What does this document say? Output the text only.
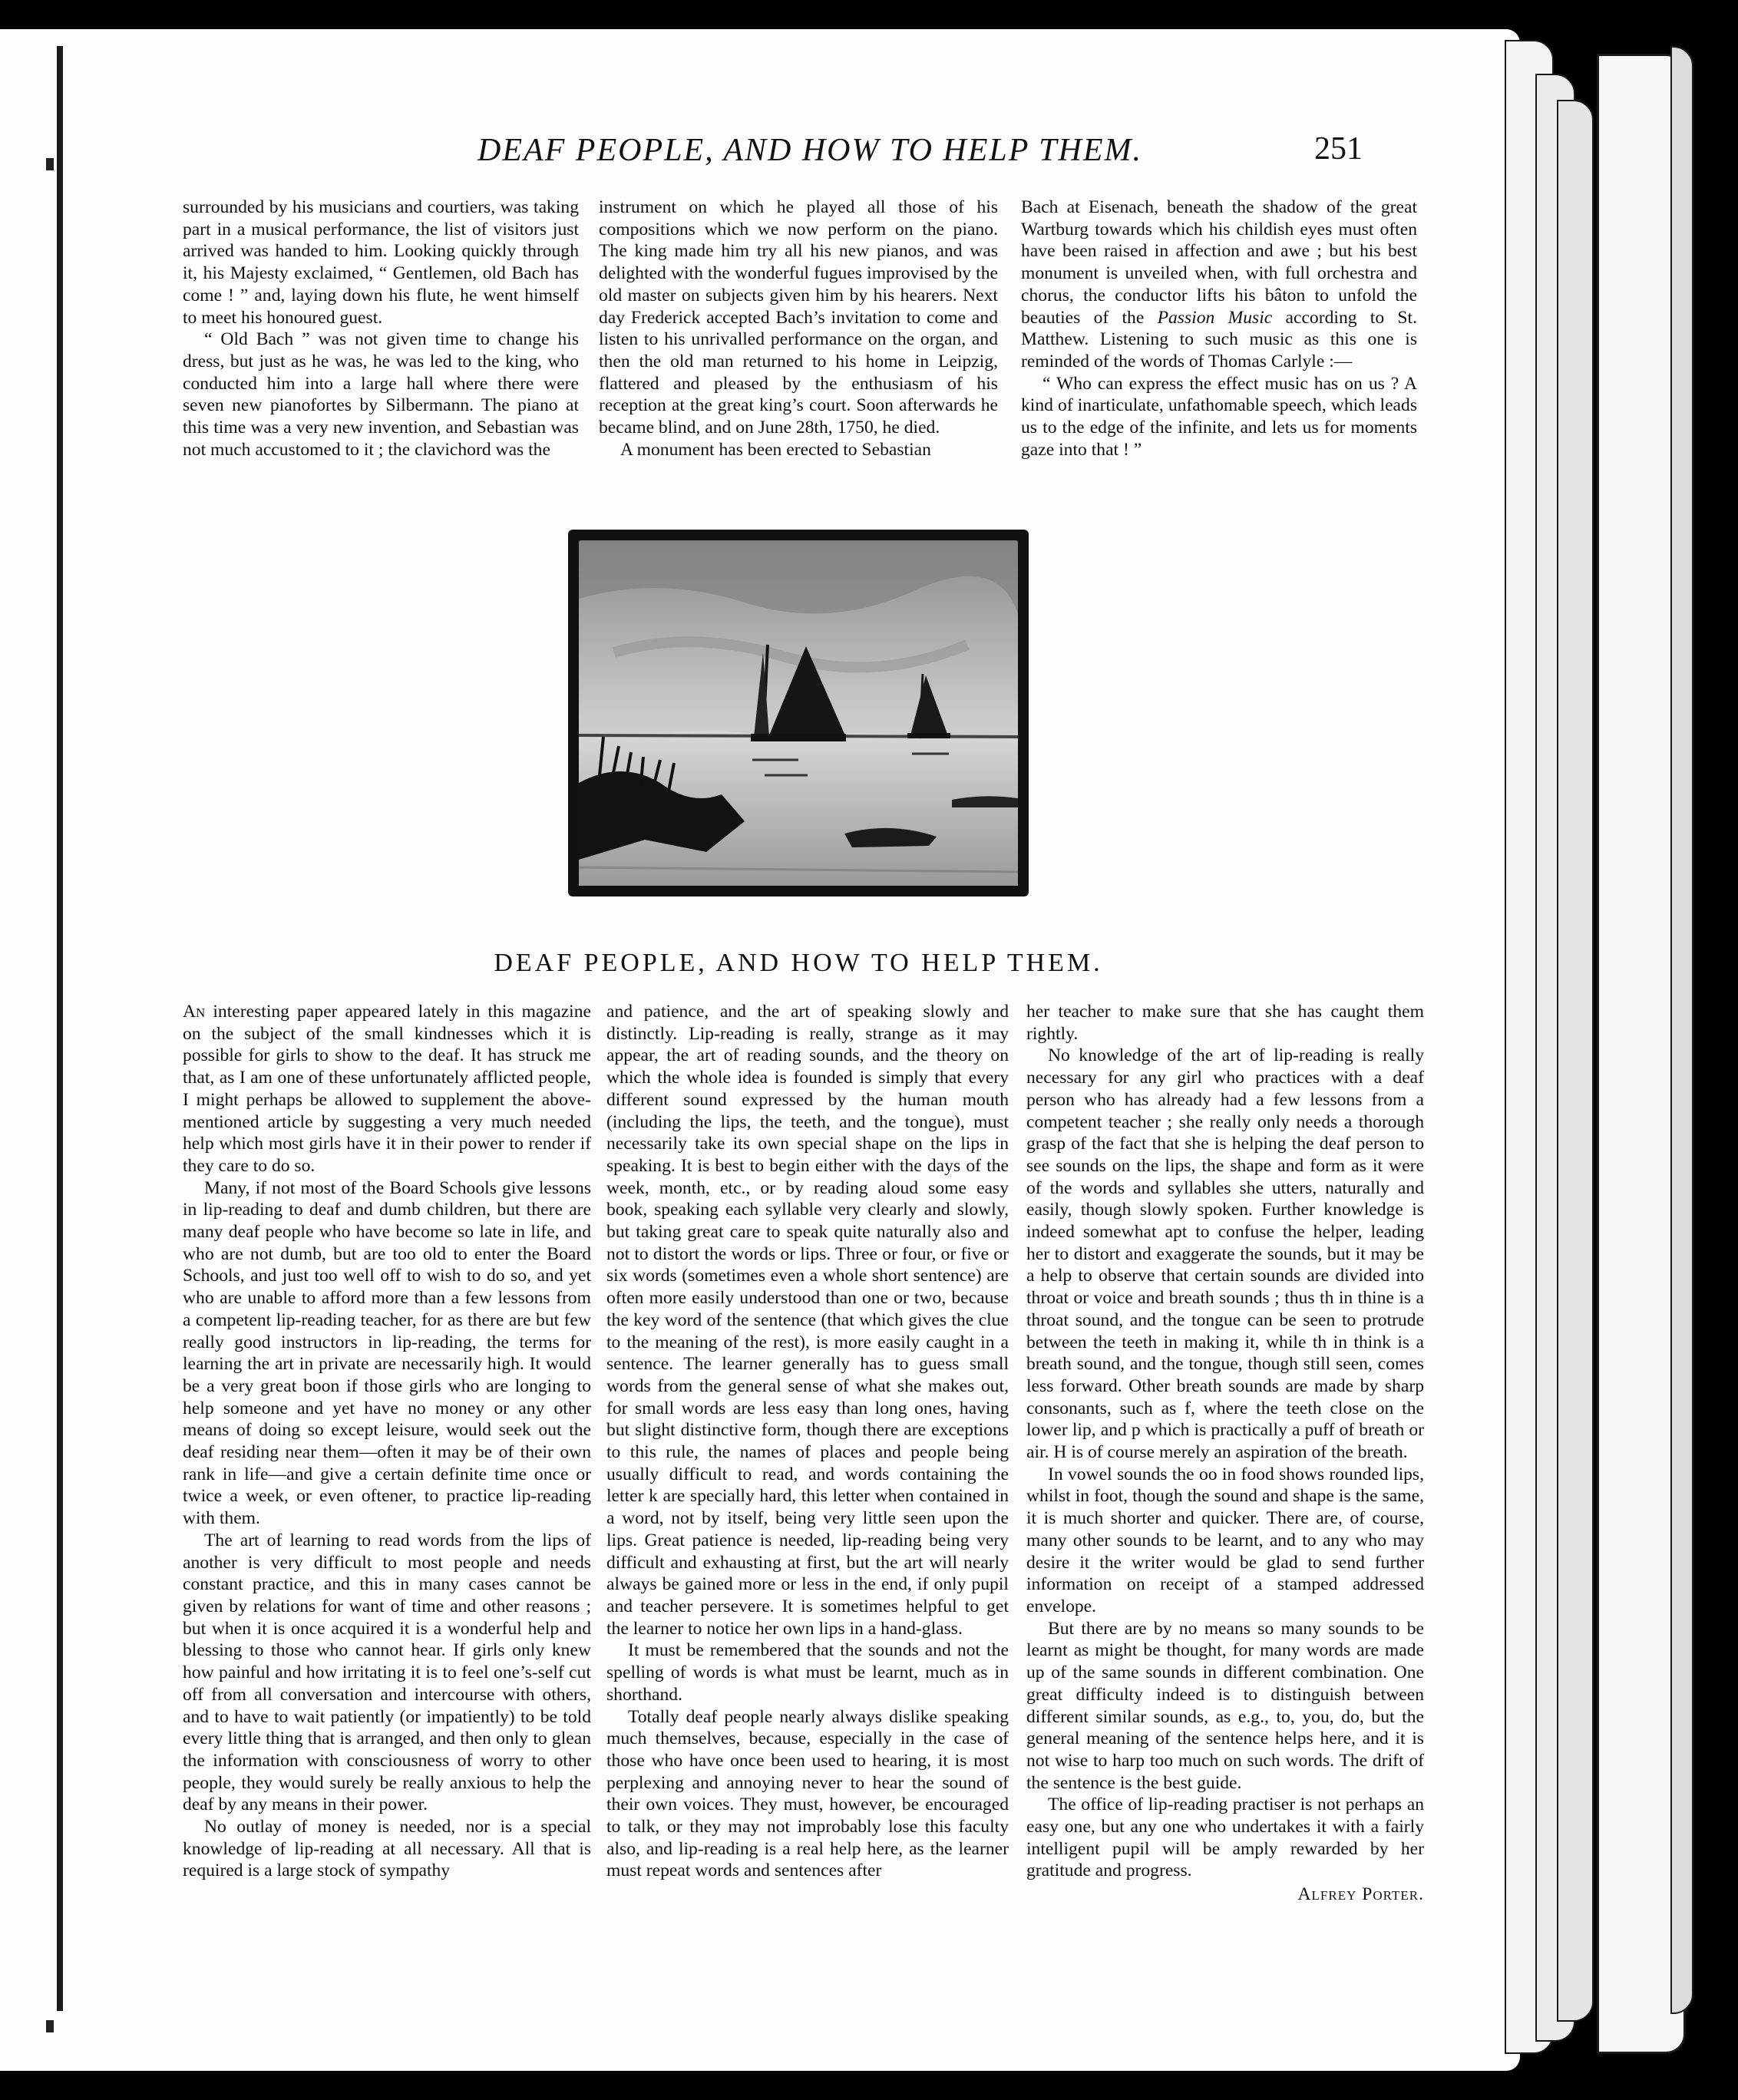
DEAF PEOPLE, AND HOW TO HELP THEM.	251

surrounded by his musicians and courtiers, was taking part in a musical performance, the list of visitors just arrived was handed to him. Looking quickly through it, his Majesty exclaimed, “ Gentlemen, old Bach has come ! ” and, laying down his flute, he went himself to meet his honoured guest.

“ Old Bach ” was not given time to change his dress, but just as he was, he was led to the king, who conducted him into a large hall where there were seven new pianofortes by Silbermann. The piano at this time was a very new invention, and Sebastian was not much accustomed to it ; the clavichord was the

instrument on which he played all those of his compositions which we now perform on the piano. The king made him try all his new pianos, and was delighted with the wonderful fugues improvised by the old master on subjects given him by his hearers. Next day Frederick accepted Bach’s invitation to come and listen to his unrivalled performance on the organ, and then the old man returned to his home in Leipzig, flattered and pleased by the enthusiasm of his reception at the great king’s court. Soon afterwards he became blind, and on June 28th, 1750, he died.

A monument has been erected to Sebastian

Bach at Eisenach, beneath the shadow of the great Wartburg towards which his childish eyes must often have been raised in affection and awe ; but his best monument is unveiled when, with full orchestra and chorus, the conductor lifts his bâton to unfold the beauties of the Passion Music according to St. Matthew. Listening to such music as this one is reminded of the words of Thomas Carlyle :—

“ Who can express the effect music has on us ? A kind of inarticulate, unfathomable speech, which leads us to the edge of the infinite, and lets us for moments gaze into that ! ”

DEAF PEOPLE, AND HOW TO HELP THEM.

An interesting paper appeared lately in this magazine on the subject of the small kindnesses which it is possible for girls to show to the deaf. It has struck me that, as I am one of these unfortunately afflicted people, I might perhaps be allowed to supplement the above-mentioned article by suggesting a very much needed help which most girls have it in their power to render if they care to do so.

Many, if not most of the Board Schools give lessons in lip-reading to deaf and dumb children, but there are many deaf people who have become so late in life, and who are not dumb, but are too old to enter the Board Schools, and just too well off to wish to do so, and yet who are unable to afford more than a few lessons from a competent lip-reading teacher, for as there are but few really good instructors in lip-reading, the terms for learning the art in private are necessarily high. It would be a very great boon if those girls who are longing to help someone and yet have no money or any other means of doing so except leisure, would seek out the deaf residing near them—often it may be of their own rank in life—and give a certain definite time once or twice a week, or even oftener, to practice lip-reading with them.

The art of learning to read words from the lips of another is very difficult to most people and needs constant practice, and this in many cases cannot be given by relations for want of time and other reasons ; but when it is once acquired it is a wonderful help and blessing to those who cannot hear. If girls only knew how painful and how irritating it is to feel one’s-self cut off from all conversation and intercourse with others, and to have to wait patiently (or impatiently) to be told every little thing that is arranged, and then only to glean the information with consciousness of worry to other people, they would surely be really anxious to help the deaf by any means in their power.

No outlay of money is needed, nor is a special knowledge of lip-reading at all necessary. All that is required is a large stock of sympathy

and patience, and the art of speaking slowly and distinctly. Lip-reading is really, strange as it may appear, the art of reading sounds, and the theory on which the whole idea is founded is simply that every different sound expressed by the human mouth (including the lips, the teeth, and the tongue), must necessarily take its own special shape on the lips in speaking. It is best to begin either with the days of the week, month, etc., or by reading aloud some easy book, speaking each syllable very clearly and slowly, but taking great care to speak quite naturally also and not to distort the words or lips. Three or four, or five or six words (sometimes even a whole short sentence) are often more easily understood than one or two, because the key word of the sentence (that which gives the clue to the meaning of the rest), is more easily caught in a sentence. The learner generally has to guess small words from the general sense of what she makes out, for small words are less easy than long ones, having but slight distinctive form, though there are exceptions to this rule, the names of places and people being usually difficult to read, and words containing the letter k are specially hard, this letter when contained in a word, not by itself, being very little seen upon the lips. Great patience is needed, lip-reading being very difficult and exhausting at first, but the art will nearly always be gained more or less in the end, if only pupil and teacher persevere. It is sometimes helpful to get the learner to notice her own lips in a hand-glass.

It must be remembered that the sounds and not the spelling of words is what must be learnt, much as in shorthand.

Totally deaf people nearly always dislike speaking much themselves, because, especially in the case of those who have once been used to hearing, it is most perplexing and annoying never to hear the sound of their own voices. They must, however, be encouraged to talk, or they may not improbably lose this faculty also, and lip-reading is a real help here, as the learner must repeat words and sentences after

her teacher to make sure that she has caught them rightly.

No knowledge of the art of lip-reading is really necessary for any girl who practices with a deaf person who has already had a few lessons from a competent teacher ; she really only needs a thorough grasp of the fact that she is helping the deaf person to see sounds on the lips, the shape and form as it were of the words and syllables she utters, naturally and easily, though slowly spoken. Further knowledge is indeed somewhat apt to confuse the helper, leading her to distort and exaggerate the sounds, but it may be a help to observe that certain sounds are divided into throat or voice and breath sounds ; thus th in thine is a throat sound, and the tongue can be seen to protrude between the teeth in making it, while th in think is a breath sound, and the tongue, though still seen, comes less forward. Other breath sounds are made by sharp consonants, such as f, where the teeth close on the lower lip, and p which is practically a puff of breath or air. H is of course merely an aspiration of the breath.

In vowel sounds the oo in food shows rounded lips, whilst in foot, though the sound and shape is the same, it is much shorter and quicker. There are, of course, many other sounds to be learnt, and to any who may desire it the writer would be glad to send further information on receipt of a stamped addressed envelope.

But there are by no means so many sounds to be learnt as might be thought, for many words are made up of the same sounds in different combination. One great difficulty indeed is to distinguish between different similar sounds, as e.g., to, you, do, but the general meaning of the sentence helps here, and it is not wise to harp too much on such words. The drift of the sentence is the best guide.

The office of lip-reading practiser is not perhaps an easy one, but any one who undertakes it with a fairly intelligent pupil will be amply rewarded by her gratitude and progress.

Alfrey Porter.
